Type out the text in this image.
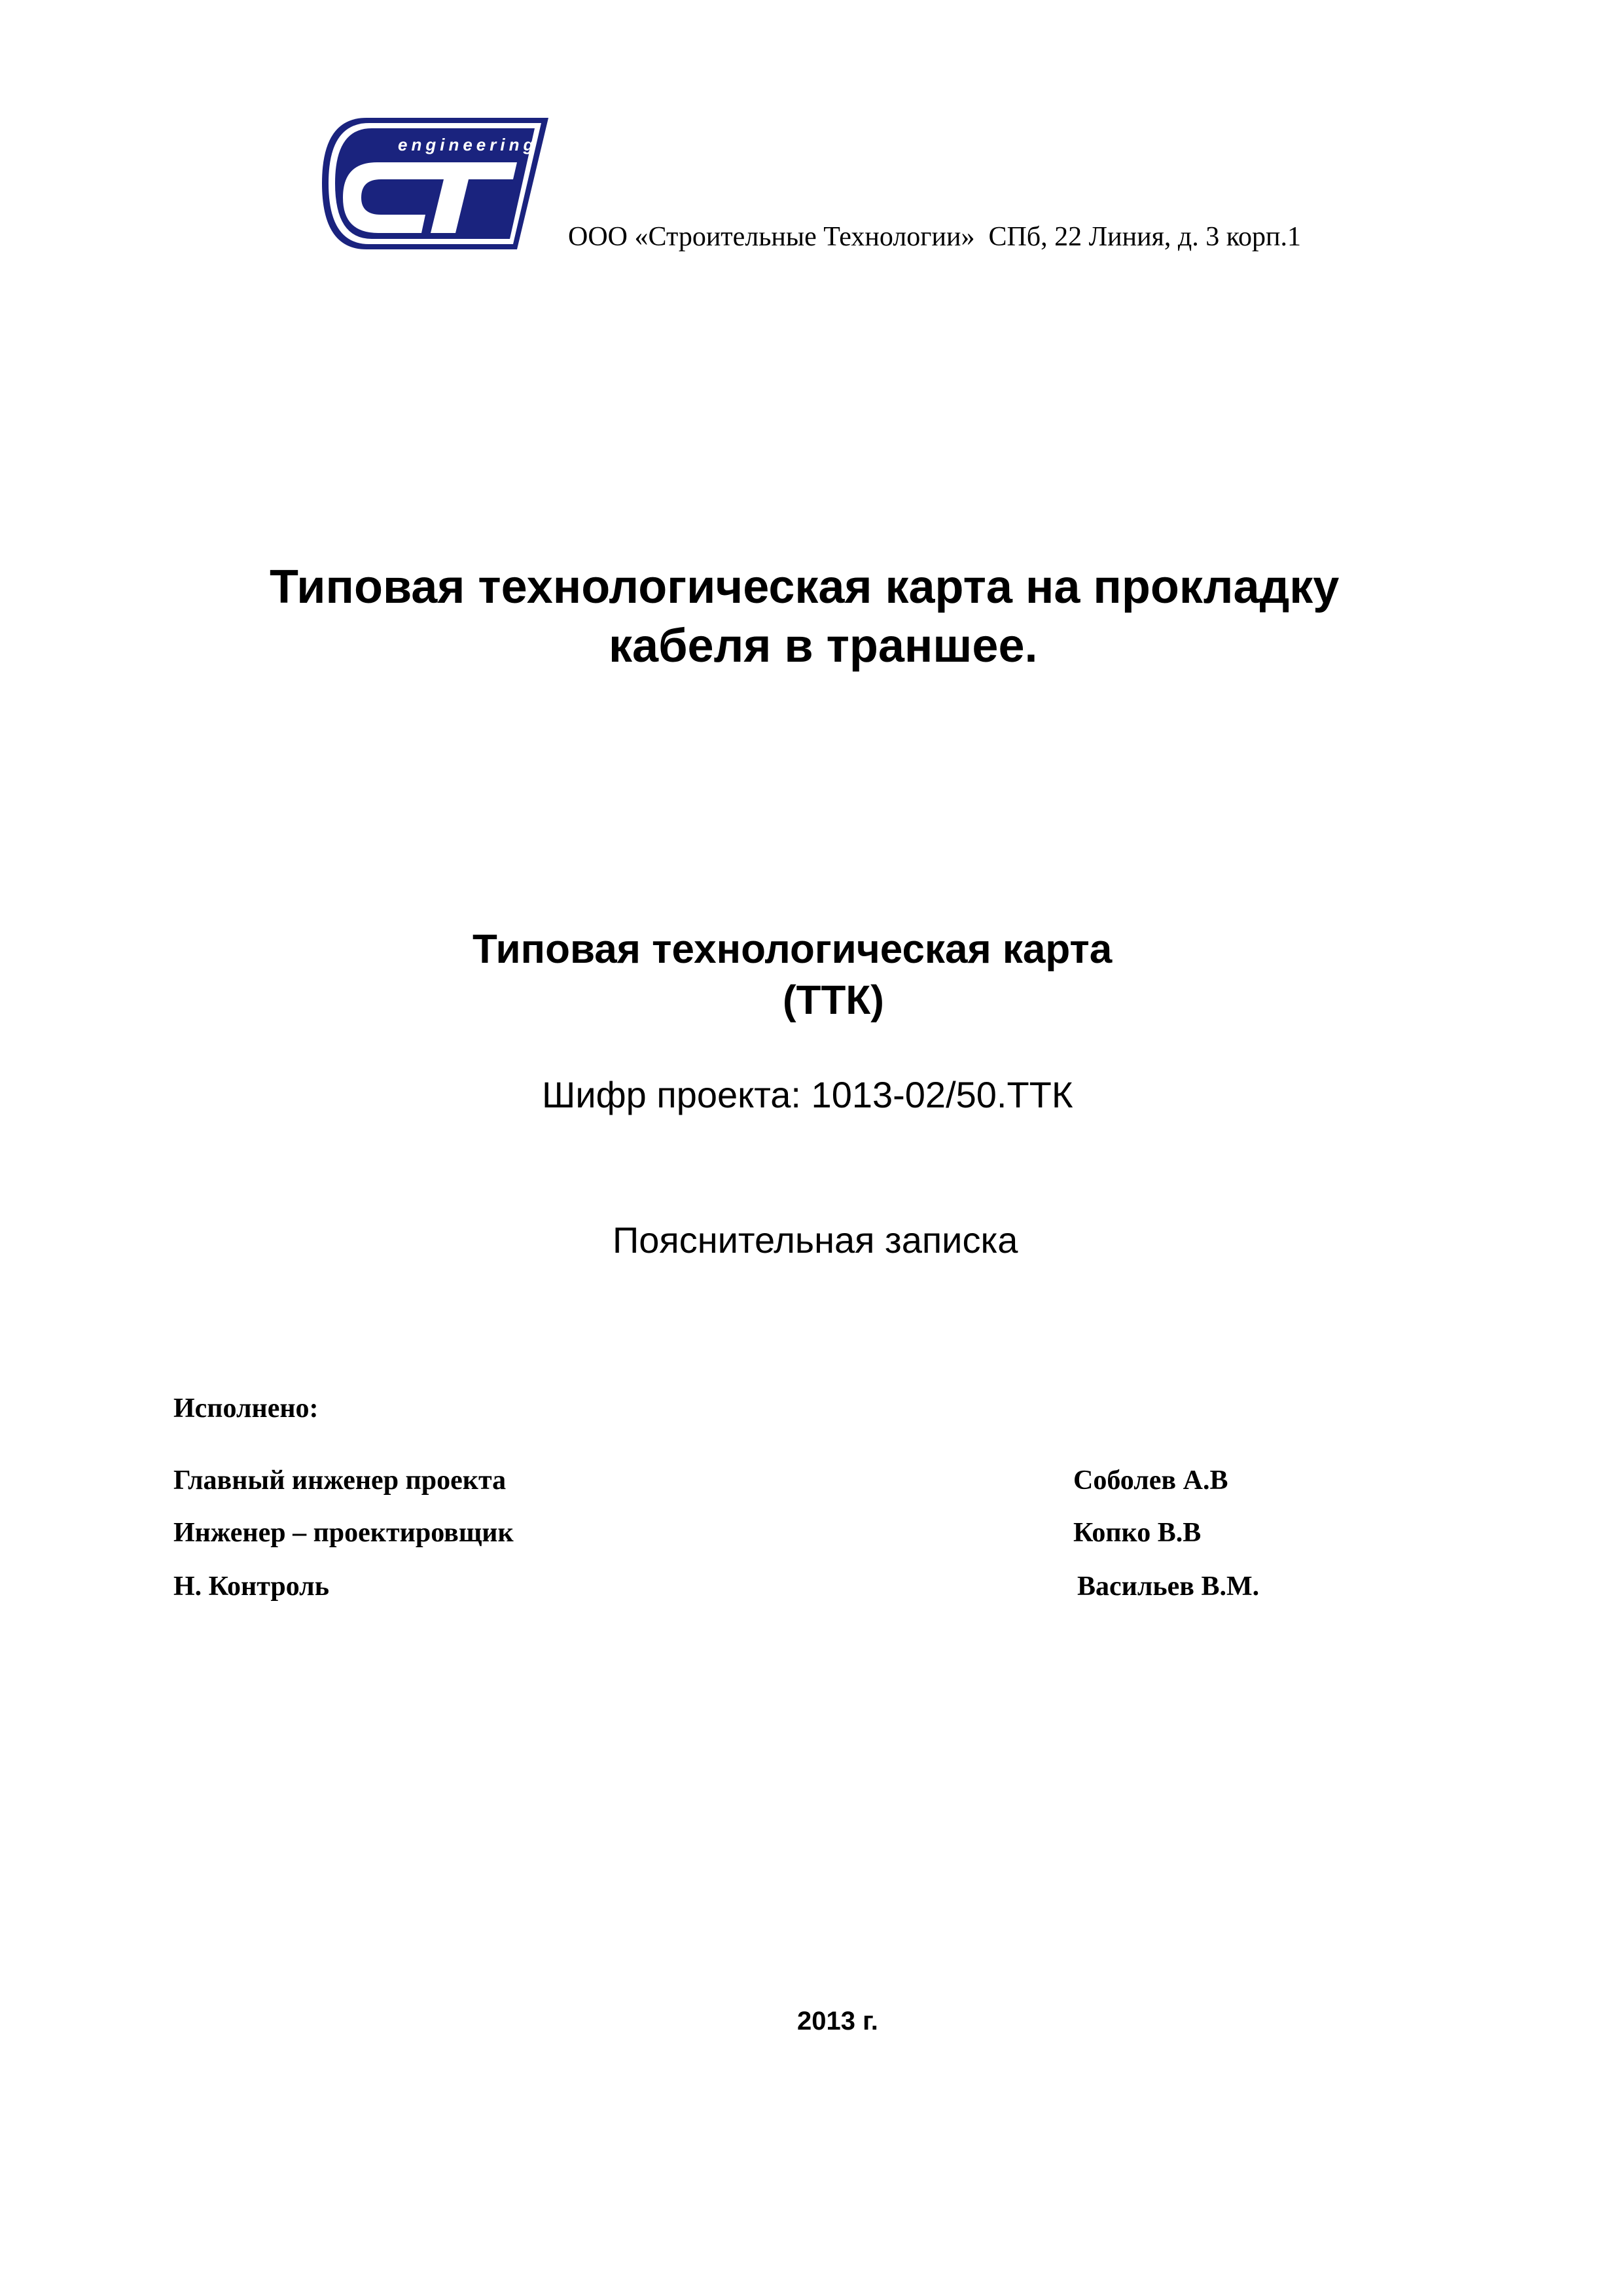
engineering
ООО «Строительные Технологии»  СПб, 22 Линия, д. 3 корп.1
Типовая технологическая карта на прокладку
кабеля в траншее.
Типовая технологическая карта
(ТТК)
Шифр проекта: 1013-02/50.ТТК
Пояснительная записка
Исполнено:
Главный инженер проекта	Соболев А.В
Инженер – проектировщик	Копко В.В
Н. Контроль	Васильев В.М.
2013 г.
